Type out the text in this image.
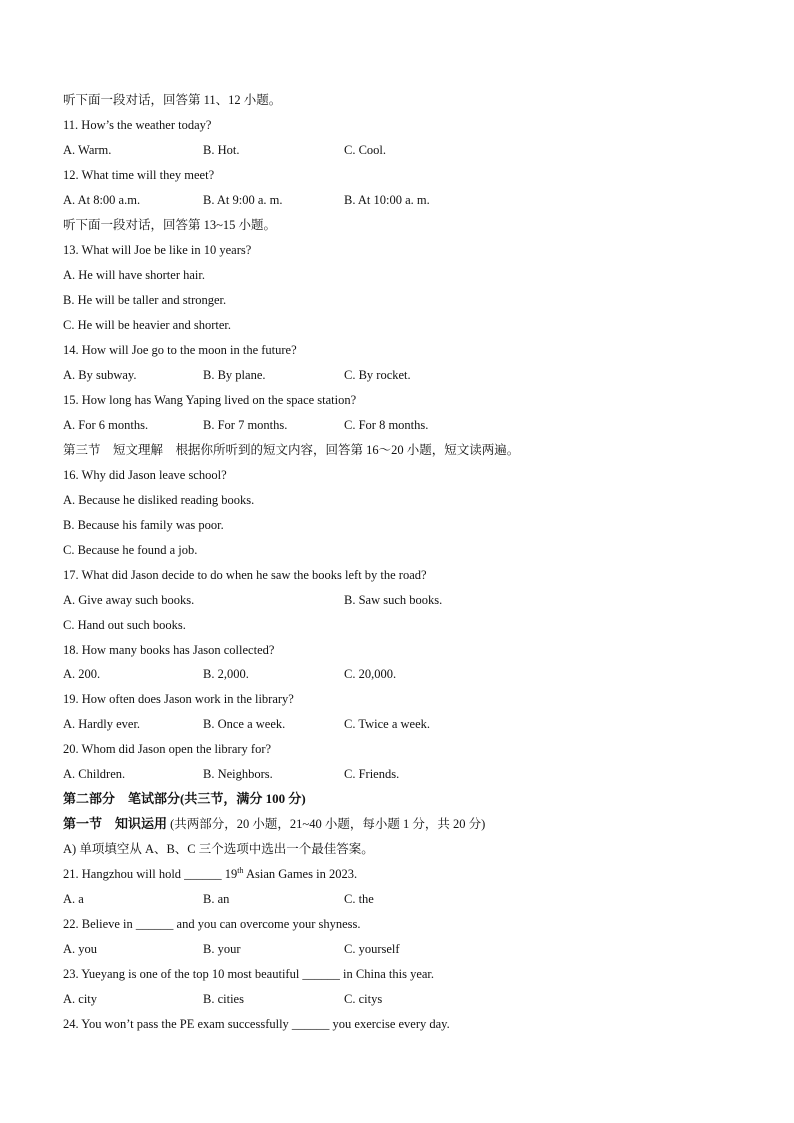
听下面一段对话，回答第 11、12 小题。
11. How’s the weather today?
A. Warm.	B. Hot.	C. Cool.
12. What time will they meet?
A. At 8:00 a.m.	B. At 9:00 a. m.	B. At 10:00 a. m.
听下面一段对话，回答第 13~15 小题。
13. What will Joe be like in 10 years?
A. He will have shorter hair.
B. He will be taller and stronger.
C. He will be heavier and shorter.
14. How will Joe go to the moon in the future?
A. By subway.	B. By plane.	C. By rocket.
15. How long has Wang Yaping lived on the space station?
A. For 6 months.	B. For 7 months.	C. For 8 months.
第三节　短文理解　根据你所听到的短文内容，回答第 16～20 小题，短文读两遍。
16. Why did Jason leave school?
A. Because he disliked reading books.
B. Because his family was poor.
C. Because he found a job.
17. What did Jason decide to do when he saw the books left by the road?
A. Give away such books.	B. Saw such books.
C. Hand out such books.
18. How many books has Jason collected?
A. 200.	B. 2,000.	C. 20,000.
19. How often does Jason work in the library?
A. Hardly ever.	B. Once a week.	C. Twice a week.
20. Whom did Jason open the library for?
A. Children.	B. Neighbors.	C. Friends.
第二部分　笔试部分(共三节，满分 100 分)
第一节　知识运用 (共两部分，20 小题，21~40 小题，每小题 1 分，共 20 分)
A) 单项填空从 A、B、C 三个选项中选出一个最佳答案。
21. Hangzhou will hold ______ 19th Asian Games in 2023.
A. a	B. an	C. the
22. Believe in ______ and you can overcome your shyness.
A. you	B. your	C. yourself
23. Yueyang is one of the top 10 most beautiful ______ in China this year.
A. city	B. cities	C. citys
24. You won’t pass the PE exam successfully ______ you exercise every day.
